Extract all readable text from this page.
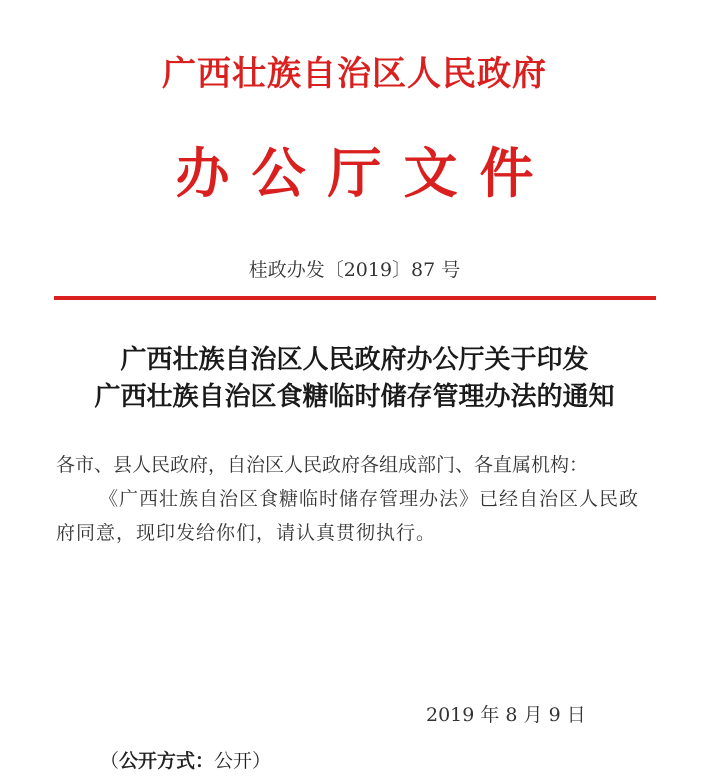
广西壮族自治区人民政府
办公厅文件
桂政办发〔2019〕87 号
广西壮族自治区人民政府办公厅关于印发
广西壮族自治区食糖临时储存管理办法的通知
各市、县人民政府，自治区人民政府各组成部门、各直属机构：
《广西壮族自治区食糖临时储存管理办法》已经自治区人民政府同意，现印发给你们，请认真贯彻执行。
2019 年 8 月 9 日
（公开方式：公开）
